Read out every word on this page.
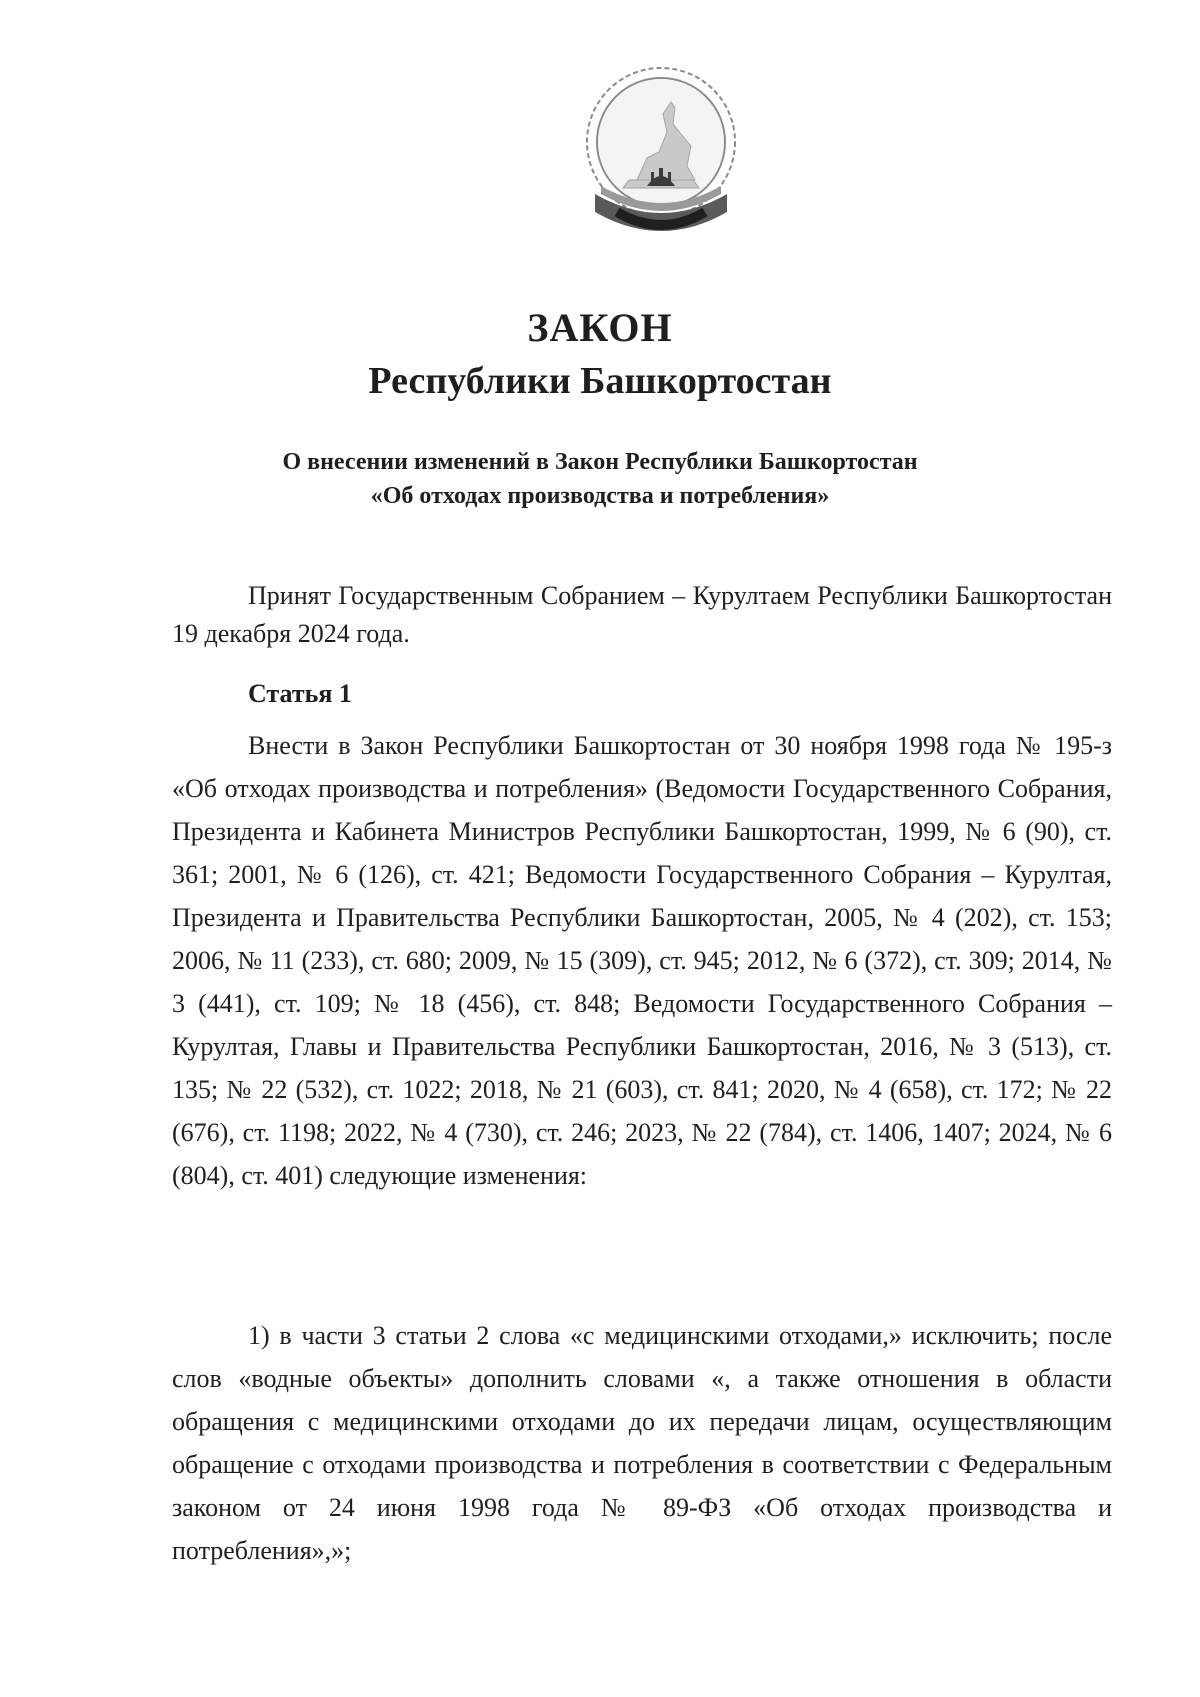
ЗАКОН
Республики Башкортостан
О внесении изменений в Закон Республики Башкортостан
«Об отходах производства и потребления»

Принят Государственным Собранием – Курултаем Республики Башкортостан 19 декабря 2024 года.

Статья 1

Внести в Закон Республики Башкортостан от 30 ноября 1998 года № 195-з «Об отходах производства и потребления» (Ведомости Государственного Собрания, Президента и Кабинета Министров Республики Башкортостан, 1999, № 6 (90), ст. 361; 2001, № 6 (126), ст. 421; Ведомости Государственного Собрания – Курултая, Президента и Правительства Республики Башкортостан, 2005, № 4 (202), ст. 153; 2006, № 11 (233), ст. 680; 2009, № 15 (309), ст. 945; 2012, № 6 (372), ст. 309; 2014, № 3 (441), ст. 109; № 18 (456), ст. 848; Ведомости Государственного Собрания – Курултая, Главы и Правительства Республики Башкортостан, 2016, № 3 (513), ст. 135; № 22 (532), ст. 1022; 2018, № 21 (603), ст. 841; 2020, № 4 (658), ст. 172; № 22 (676), ст. 1198; 2022, № 4 (730), ст. 246; 2023, № 22 (784), ст. 1406, 1407; 2024, № 6 (804), ст. 401) следующие изменения:

1) в части 3 статьи 2 слова «с медицинскими отходами,» исключить; после слов «водные объекты» дополнить словами «, а также отношения в области обращения с медицинскими отходами до их передачи лицам, осуществляющим обращение с отходами производства и потребления в соответствии с Федеральным законом от 24 июня 1998 года № 89-ФЗ «Об отходах производства и потребления»,»;
